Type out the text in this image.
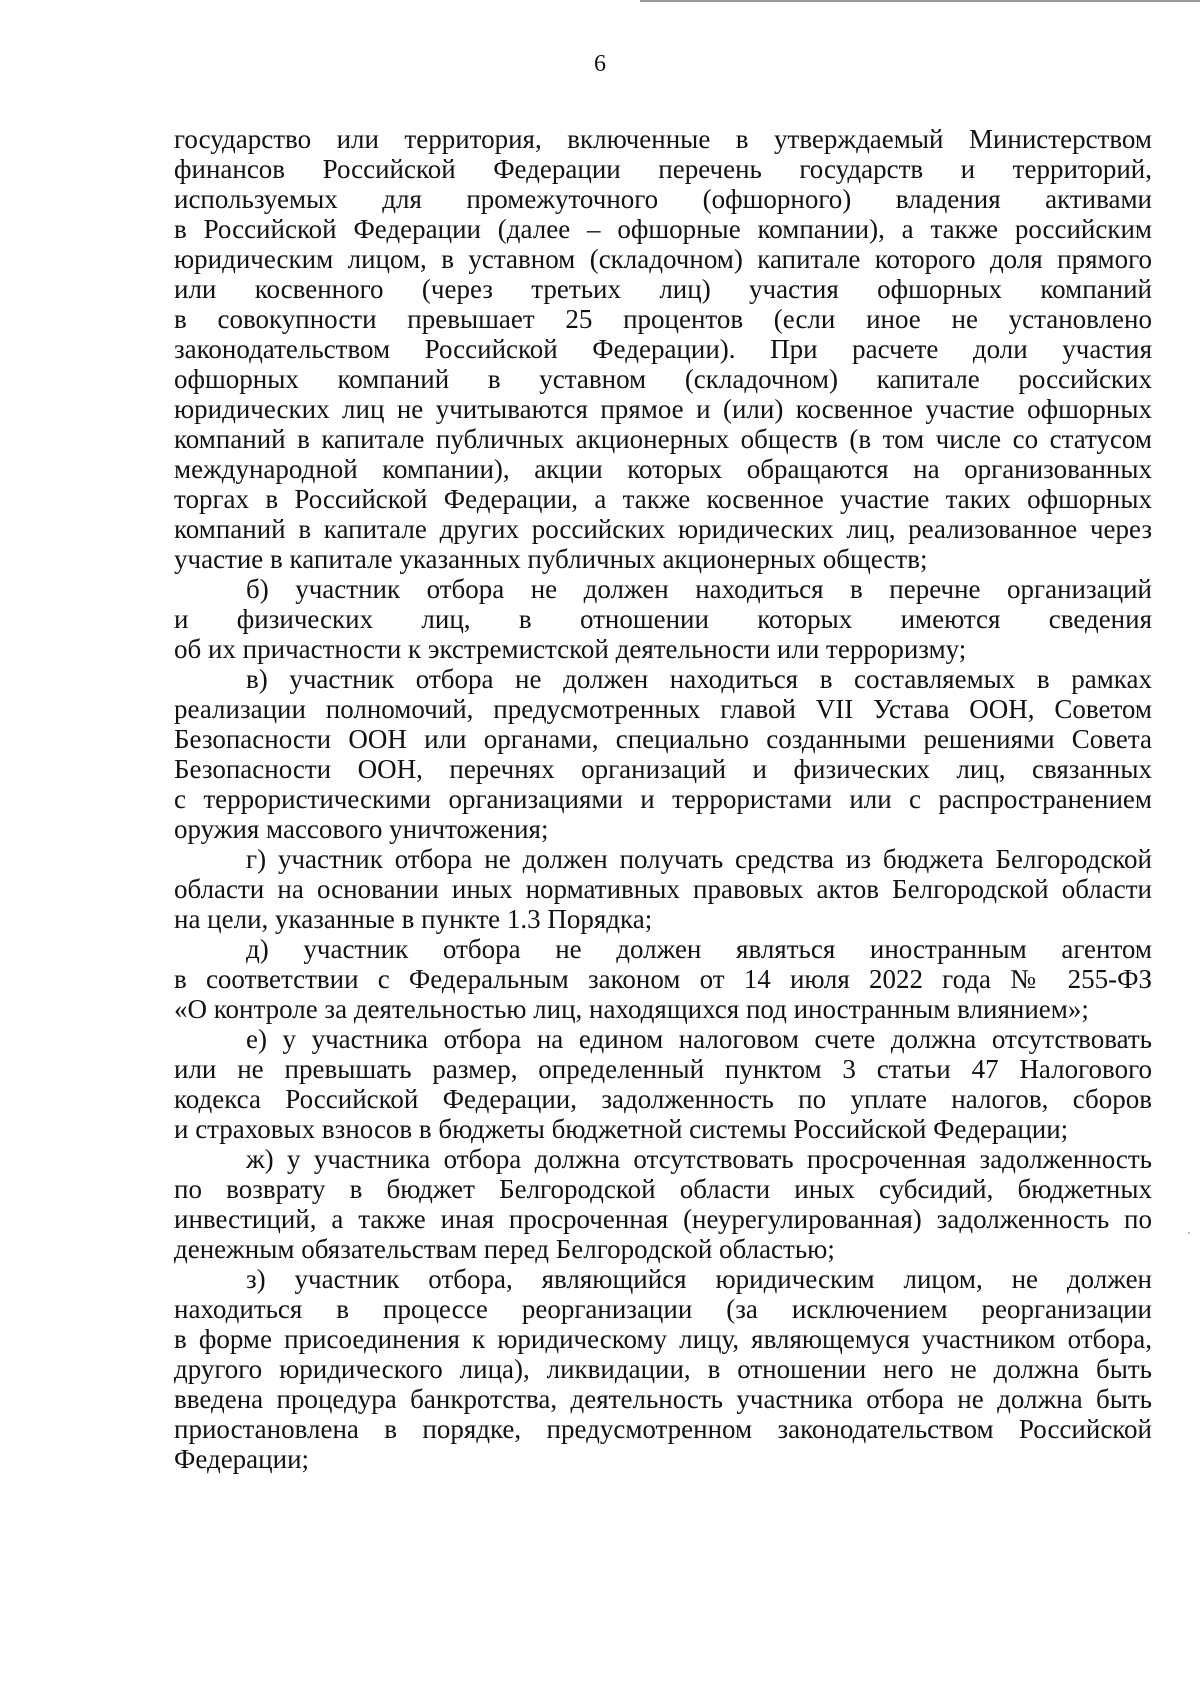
6
государство или территория, включенные в утверждаемый Министерством
финансов Российской Федерации перечень государств и территорий,
используемых для промежуточного (офшорного) владения активами
в Российской Федерации (далее – офшорные компании), а также российским
юридическим лицом, в уставном (складочном) капитале которого доля прямого
или косвенного (через третьих лиц) участия офшорных компаний
в совокупности превышает 25 процентов (если иное не установлено
законодательством Российской Федерации). При расчете доли участия
офшорных компаний в уставном (складочном) капитале российских
юридических лиц не учитываются прямое и (или) косвенное участие офшорных
компаний в капитале публичных акционерных обществ (в том числе со статусом
международной компании), акции которых обращаются на организованных
торгах в Российской Федерации, а также косвенное участие таких офшорных
компаний в капитале других российских юридических лиц, реализованное через
участие в капитале указанных публичных акционерных обществ;
б) участник отбора не должен находиться в перечне организаций
и физических лиц, в отношении которых имеются сведения
об их причастности к экстремистской деятельности или терроризму;
в) участник отбора не должен находиться в составляемых в рамках
реализации полномочий, предусмотренных главой VII Устава ООН, Советом
Безопасности ООН или органами, специально созданными решениями Совета
Безопасности ООН, перечнях организаций и физических лиц, связанных
с террористическими организациями и террористами или с распространением
оружия массового уничтожения;
г) участник отбора не должен получать средства из бюджета Белгородской
области на основании иных нормативных правовых актов Белгородской области
на цели, указанные в пункте 1.3 Порядка;
д) участник отбора не должен являться иностранным агентом
в соответствии с Федеральным законом от 14 июля 2022 года № 255-ФЗ
«О контроле за деятельностью лиц, находящихся под иностранным влиянием»;
е) у участника отбора на едином налоговом счете должна отсутствовать
или не превышать размер, определенный пунктом 3 статьи 47 Налогового
кодекса Российской Федерации, задолженность по уплате налогов, сборов
и страховых взносов в бюджеты бюджетной системы Российской Федерации;
ж) у участника отбора должна отсутствовать просроченная задолженность
по возврату в бюджет Белгородской области иных субсидий, бюджетных
инвестиций, а также иная просроченная (неурегулированная) задолженность по
денежным обязательствам перед Белгородской областью;
з) участник отбора, являющийся юридическим лицом, не должен
находиться в процессе реорганизации (за исключением реорганизации
в форме присоединения к юридическому лицу, являющемуся участником отбора,
другого юридического лица), ликвидации, в отношении него не должна быть
введена процедура банкротства, деятельность участника отбора не должна быть
приостановлена в порядке, предусмотренном законодательством Российской
Федерации;
